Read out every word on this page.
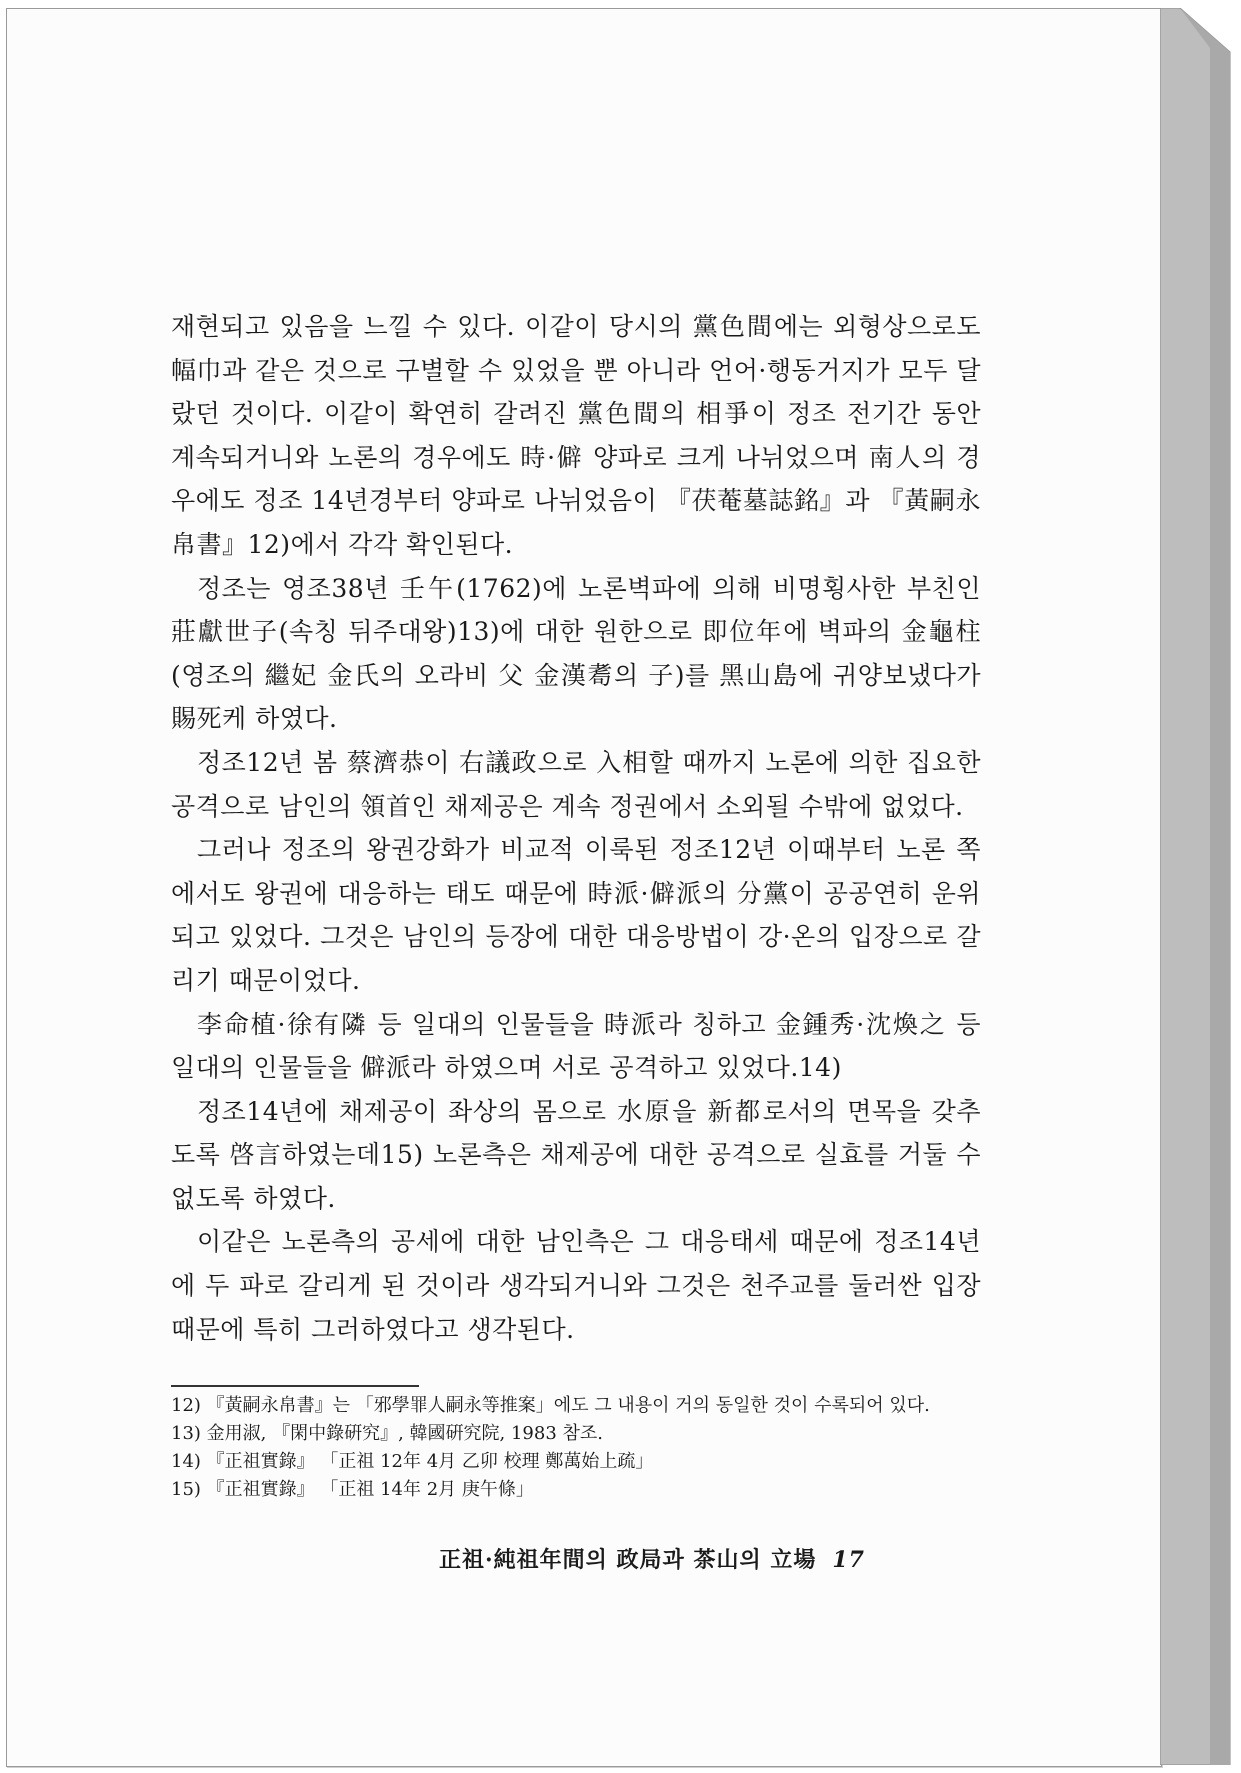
재현되고 있음을 느낄 수 있다. 이같이 당시의 黨色間에는 외형상으로도 幅巾과 같은 것으로 구별할 수 있었을 뿐 아니라 언어·행동거지가 모두 달랐던 것이다. 이같이 확연히 갈려진 黨色間의 相爭이 정조 전기간 동안 계속되거니와 노론의 경우에도 時·僻 양파로 크게 나뉘었으며 南人의 경우에도 정조 14년경부터 양파로 나뉘었음이 『茯菴墓誌銘』과 『黃嗣永帛書』12)에서 각각 확인된다.

정조는 영조38년 壬午(1762)에 노론벽파에 의해 비명횡사한 부친인 莊獻世子(속칭 뒤주대왕)13)에 대한 원한으로 即位年에 벽파의 金龜柱(영조의 繼妃 金氏의 오라비 父 金漢耈의 子)를 黑山島에 귀양보냈다가 賜死케 하였다.

정조12년 봄 蔡濟恭이 右議政으로 入相할 때까지 노론에 의한 집요한 공격으로 남인의 領首인 채제공은 계속 정권에서 소외될 수밖에 없었다.

그러나 정조의 왕권강화가 비교적 이룩된 정조12년 이때부터 노론 쪽에서도 왕권에 대응하는 태도 때문에 時派·僻派의 分黨이 공공연히 운위되고 있었다. 그것은 남인의 등장에 대한 대응방법이 강·온의 입장으로 갈리기 때문이었다.

李命植·徐有隣 등 일대의 인물들을 時派라 칭하고 金鍾秀·沈煥之 등 일대의 인물들을 僻派라 하였으며 서로 공격하고 있었다.14)

정조14년에 채제공이 좌상의 몸으로 水原을 新都로서의 면목을 갖추도록 啓言하였는데15) 노론측은 채제공에 대한 공격으로 실효를 거둘 수 없도록 하였다.

이같은 노론측의 공세에 대한 남인측은 그 대응태세 때문에 정조14년에 두 파로 갈리게 된 것이라 생각되거니와 그것은 천주교를 둘러싼 입장 때문에 특히 그러하였다고 생각된다.

12) 『黃嗣永帛書』는 「邪學罪人嗣永等推案」에도 그 내용이 거의 동일한 것이 수록되어 있다.

13) 金用淑, 『閑中錄硏究』, 韓國硏究院, 1983 참조.

14) 『正祖實錄』 「正祖 12年 4月 乙卯 校理 鄭萬始上疏」

15) 『正祖實錄』 「正祖 14年 2月 庚午條」

正祖·純祖年間의 政局과 茶山의 立場 17
